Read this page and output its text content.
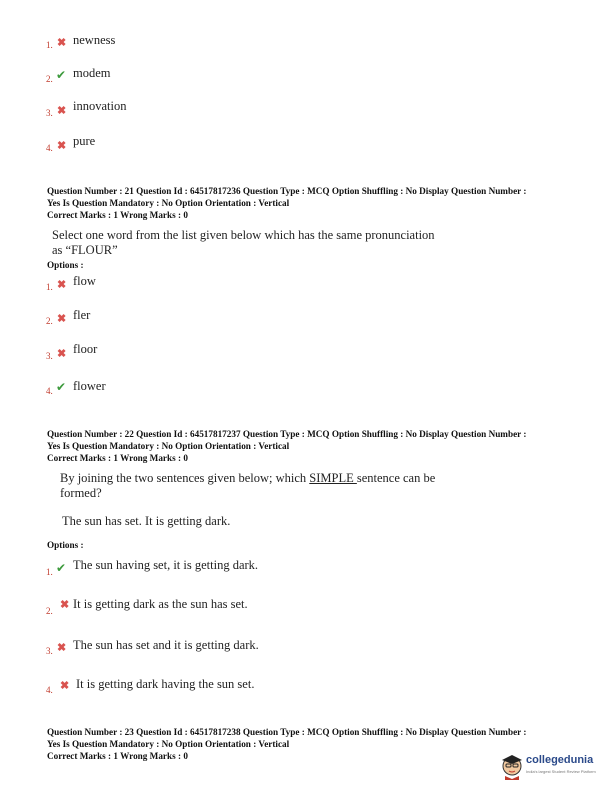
1. ✖ newness
2. ✔ modem
3. ✖ innovation
4. ✖ pure
Question Number : 21 Question Id : 64517817236 Question Type : MCQ Option Shuffling : No Display Question Number :
Yes Is Question Mandatory : No Option Orientation : Vertical
Correct Marks : 1 Wrong Marks : 0
Select one word from the list given below which has the same pronunciation
as “FLOUR”
Options :
1. ✖ flow
2. ✖ fler
3. ✖ floor
4. ✔ flower
Question Number : 22 Question Id : 64517817237 Question Type : MCQ Option Shuffling : No Display Question Number :
Yes Is Question Mandatory : No Option Orientation : Vertical
Correct Marks : 1 Wrong Marks : 0
By joining the two sentences given below; which SIMPLE sentence can be
formed?
The sun has set. It is getting dark.
Options :
1. ✔ The sun having set, it is getting dark.
2. ✖ It is getting dark as the sun has set.
3. ✖ The sun has set and it is getting dark.
4. ✖ It is getting dark having the sun set.
Question Number : 23 Question Id : 64517817238 Question Type : MCQ Option Shuffling : No Display Question Number :
Yes Is Question Mandatory : No Option Orientation : Vertical
Correct Marks : 1 Wrong Marks : 0	collegedunia
India's largest Student Review Platform
